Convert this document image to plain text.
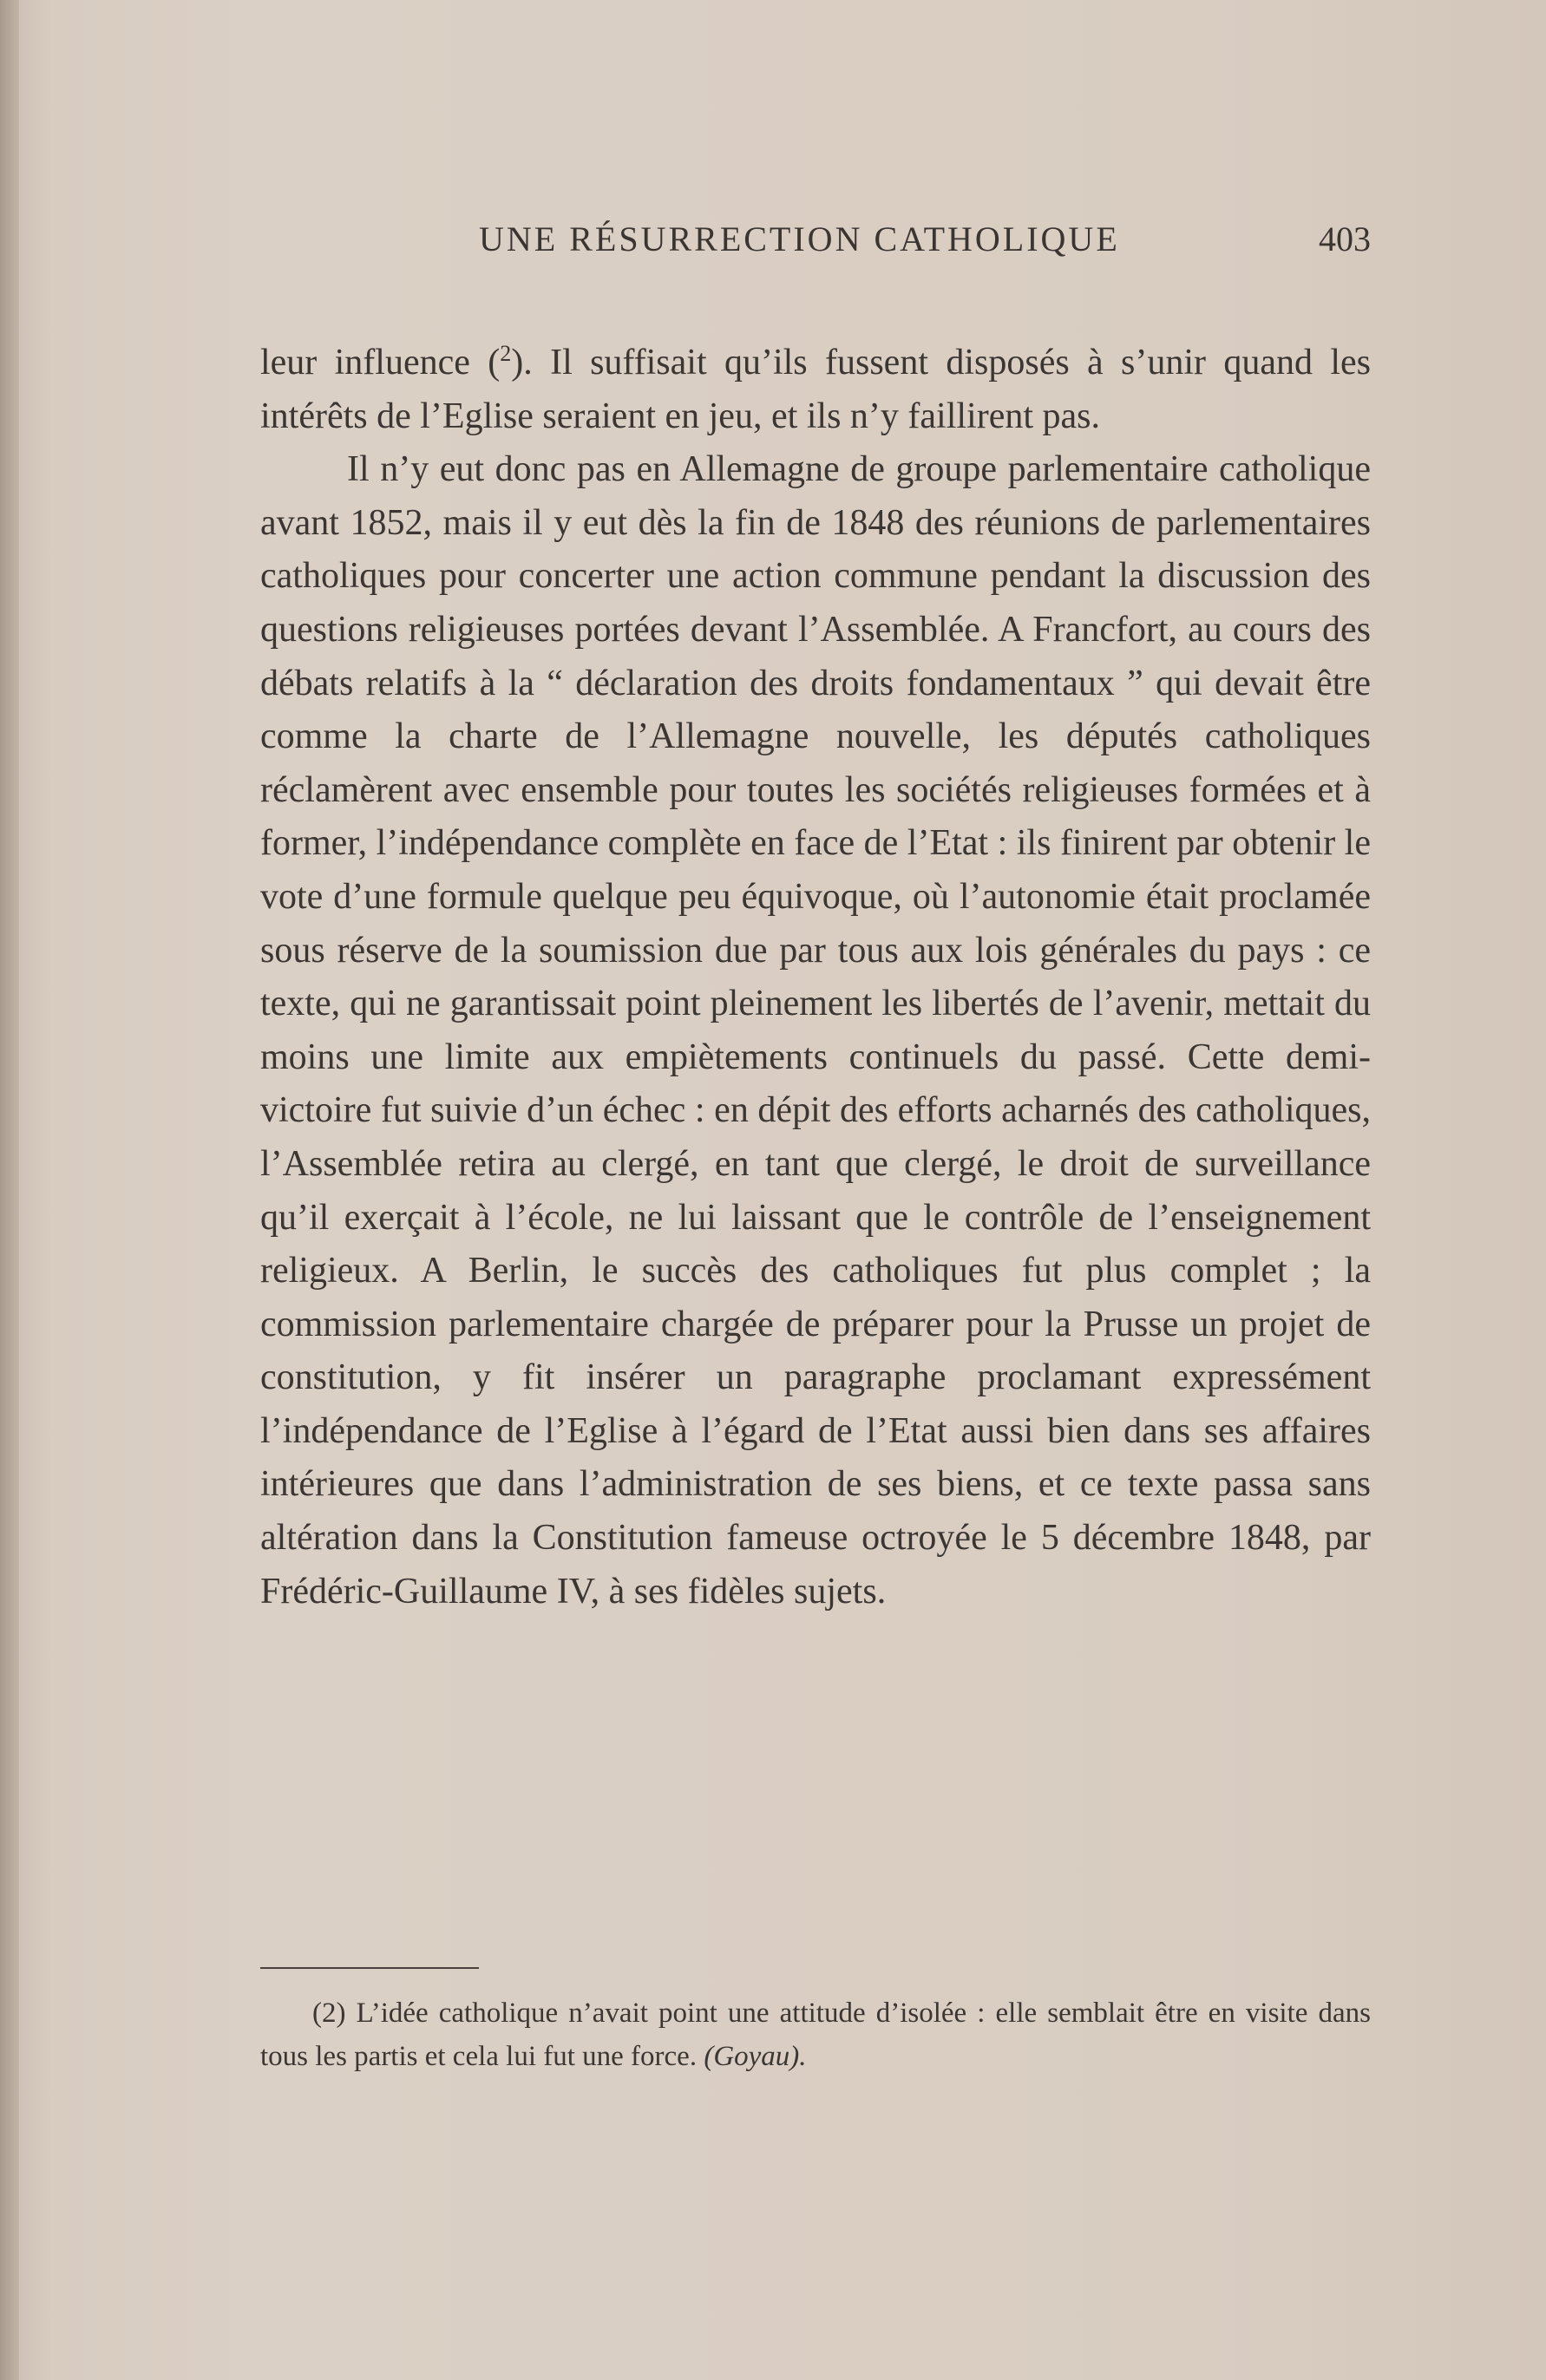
UNE RÉSURRECTION CATHOLIQUE	403

leur influence ($^2$). Il suffisait qu’ils fussent disposés à s’unir quand les intérêts de l’Eglise seraient en jeu, et ils n’y faillirent pas.

Il n’y eut donc pas en Allemagne de groupe parlementaire catholique avant 1852, mais il y eut dès la fin de 1848 des réunions de parlementaires catholiques pour concerter une action commune pendant la discussion des questions religieuses portées devant l’Assemblée. A Francfort, au cours des débats relatifs à la “ déclaration des droits fondamentaux ” qui devait être comme la charte de l’Allemagne nouvelle, les députés catholiques réclamèrent avec ensemble pour toutes les sociétés religieuses formées et à former, l’indépendance complète en face de l’Etat : ils finirent par obtenir le vote d’une formule quelque peu équivoque, où l’autonomie était proclamée sous réserve de la soumission due par tous aux lois générales du pays : ce texte, qui ne garantissait point pleinement les libertés de l’avenir, mettait du moins une limite aux empiètements continuels du passé. Cette demi-victoire fut suivie d’un échec : en dépit des efforts acharnés des catholiques, l’Assemblée retira au clergé, en tant que clergé, le droit de surveillance qu’il exerçait à l’école, ne lui laissant que le contrôle de l’enseignement religieux. A Berlin, le succès des catholiques fut plus complet ; la commission parlementaire chargée de préparer pour la Prusse un projet de constitution, y fit insérer un paragraphe proclamant expressément l’indépendance de l’Eglise à l’égard de l’Etat aussi bien dans ses affaires intérieures que dans l’administration de ses biens, et ce texte passa sans altération dans la Constitution fameuse octroyée le 5 décembre 1848, par Frédéric-Guillaume IV, à ses fidèles sujets.

(2) L’idée catholique n’avait point une attitude d’isolée : elle semblait être en visite dans tous les partis et cela lui fut une force. (Goyau).
